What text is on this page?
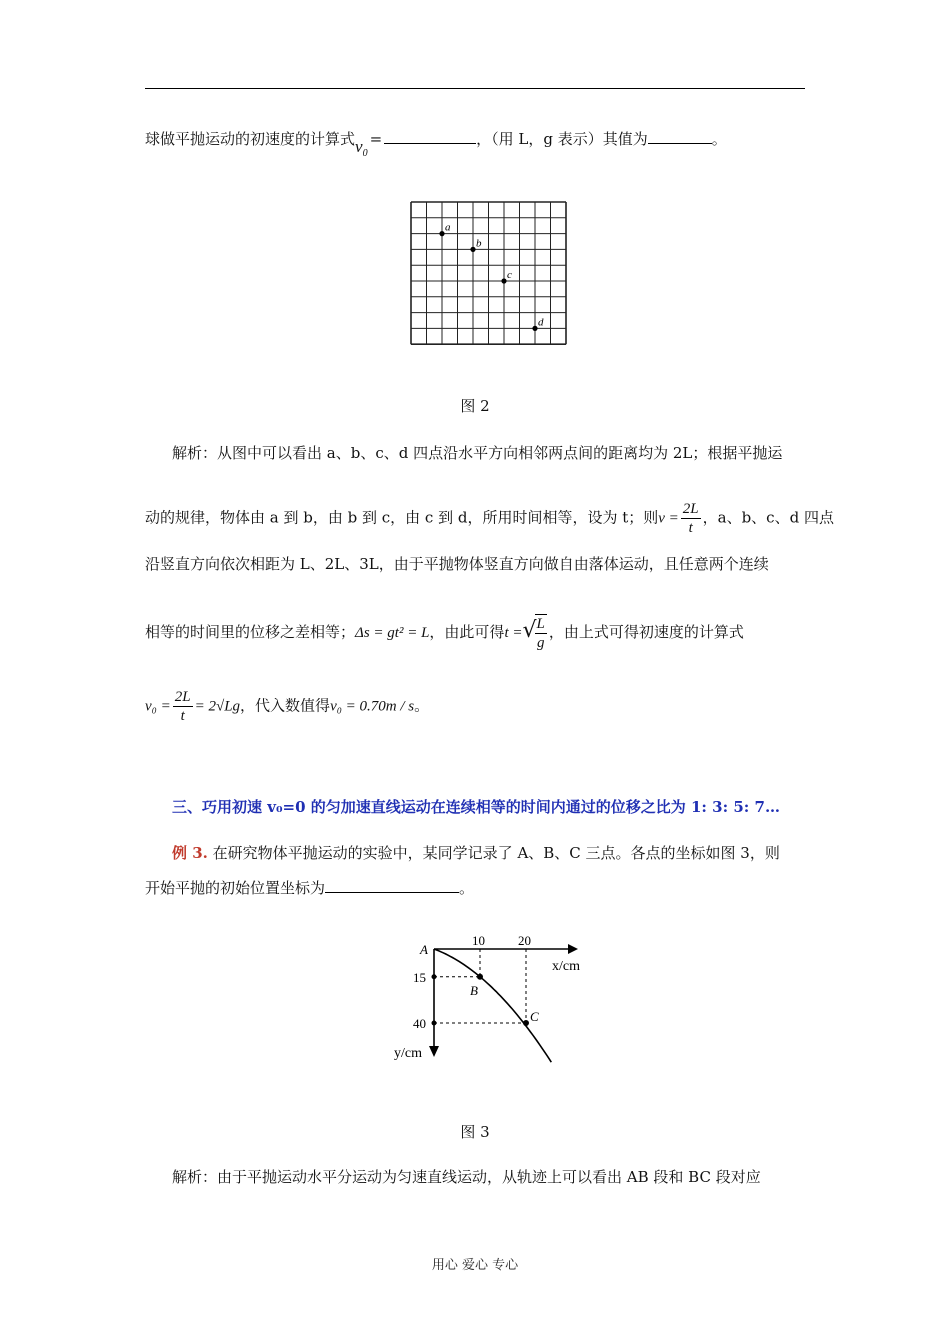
球做平抛运动的初速度的计算式$v_0=$	，（用 L，g 表示）其值为	。
a
b
c
d
图 2
解析：从图中可以看出 a、b、c、d 四点沿水平方向相邻两点间的距离均为 2L；根据平抛运
动的规律，物体由 a 到 b，由 b 到 c，由 c 到 d，所用时间相等，设为 t；则$v = \frac{2L}{t}$ ，a、b、c、d 四点
沿竖直方向依次相距为 L、2L、3L，由于平抛物体竖直方向做自由落体运动，且任意两个连续
相等的时间里的位移之差相等；Δs = gt² = L，由此可得t =√
$\frac{L}{g}$ ，由上式可得初速度的计算式
$v_0 = \frac{2L}{t} = 2√Lg$，代入数值得v₀ = 0.70m / s。
三、巧用初速 v₀=0 的匀加速直线运动在连续相等的时间内通过的位移之比为 1: 3: 5: 7…
例 3. 在研究物体平抛运动的实验中，某同学记录了 A、B、C 三点。各点的坐标如图 3，则
开始平抛的初始位置坐标为	。
A
x/cm
y/cm
10	20
15
40
B
C
图 3
解析：由于平抛运动水平分运动为匀速直线运动，从轨迹上可以看出 AB 段和 BC 段对应
用心 爱心 专心
